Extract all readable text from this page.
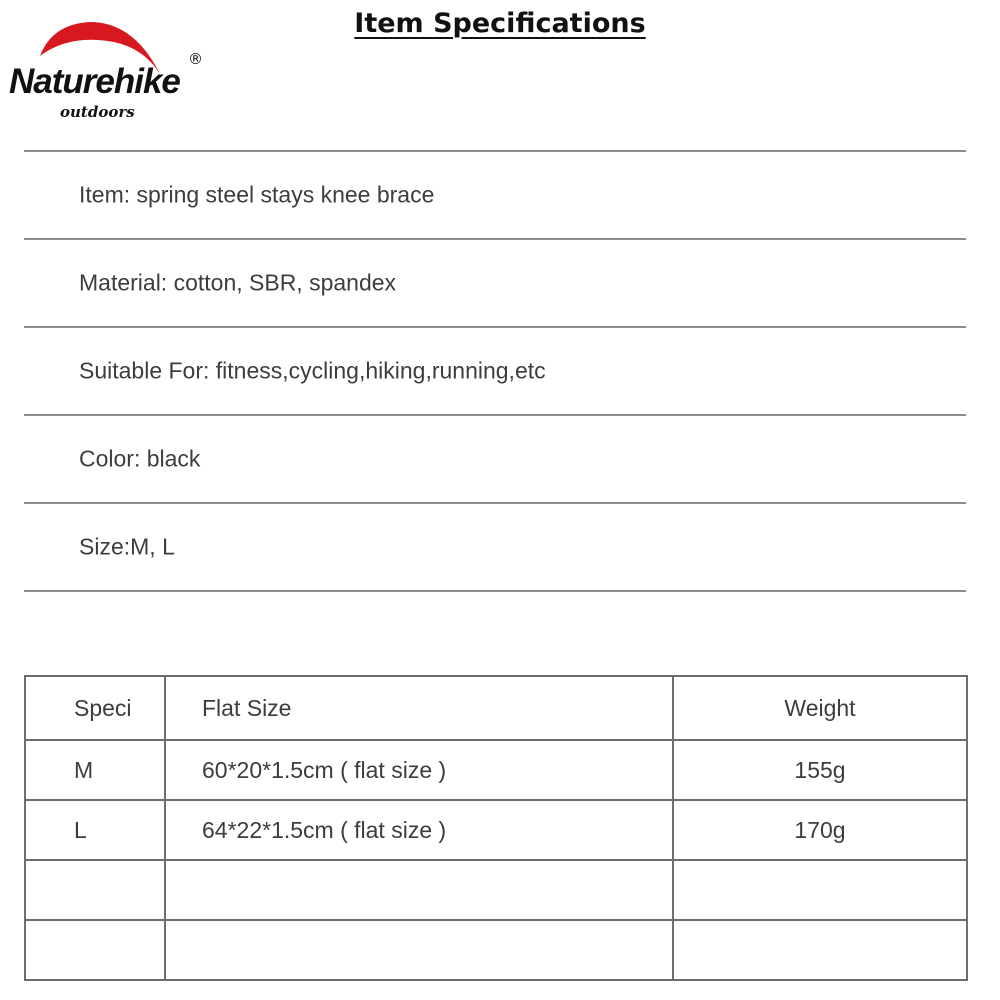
Naturehike
®
outdoors
Item Specifications
Item: spring steel stays knee brace
Material: cotton, SBR, spandex
Suitable For: fitness,cycling,hiking,running,etc
Color: black
Size:M, L
Speci	Flat Size	Weight
M	60*20*1.5cm ( flat size )	155g
L	64*22*1.5cm ( flat size )	170g
